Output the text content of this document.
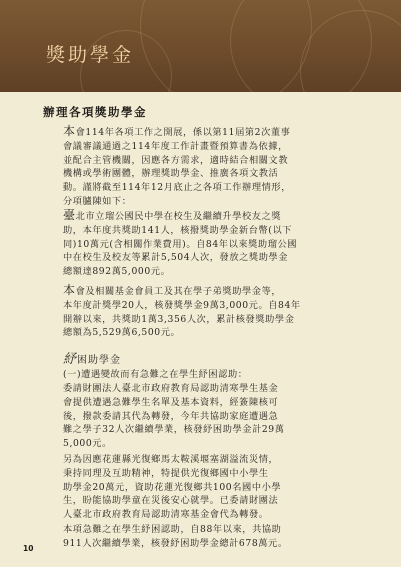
獎助學金
辦理各項獎助學金

本會114年各項工作之開展，係以第11屆第2次董事
會議審議通過之114年度工作計畫暨預算書為依據，
並配合主管機關，因應各方需求，適時結合相關文教
機構或學術團體，辦理獎助學金、推廣各項文教活
動。謹將截至114年12月底止之各項工作辦理情形，
分項臚陳如下：

臺北市立瑠公國民中學在校生及繼續升學校友之獎
助，本年度共獎助141人，核撥獎助學金新台幣(以下
同)10萬元(含相關作業費用)。自84年以來獎助瑠公國
中在校生及校友等累計5,504人次，發放之獎助學金
總額達892萬5,000元。

本會及相關基金會員工及其在學子弟獎助學金等，
本年度計獎學20人，核發獎學金9萬3,000元。自84年
開辦以來，共獎助1萬3,356人次，累計核發獎助學金
總額為5,529萬6,500元。

紓困助學金

(一)遭遇變故而有急難之在學生紓困認助：

委請財團法人臺北市政府教育局認助清寒學生基金
會提供遭遇急難學生名單及基本資料，經簽陳核可
後，撥款委請其代為轉發，今年共協助家庭遭遇急
難之學子32人次繼續學業，核發紓困助學金計29萬
5,000元。

另為因應花蓮縣光復鄉馬太鞍溪堰塞湖溢流災情，
秉持同理及互助精神，特提供光復鄉國中小學生
助學金20萬元，資助花蓮光復鄉共100名國中小學
生，盼能協助學童在災後安心就學。已委請財團法
人臺北市政府教育局認助清寒基金會代為轉發。

本項急難之在學生紓困認助，自88年以來，共協助
911人次繼續學業，核發紓困助學金總計678萬元。

10
